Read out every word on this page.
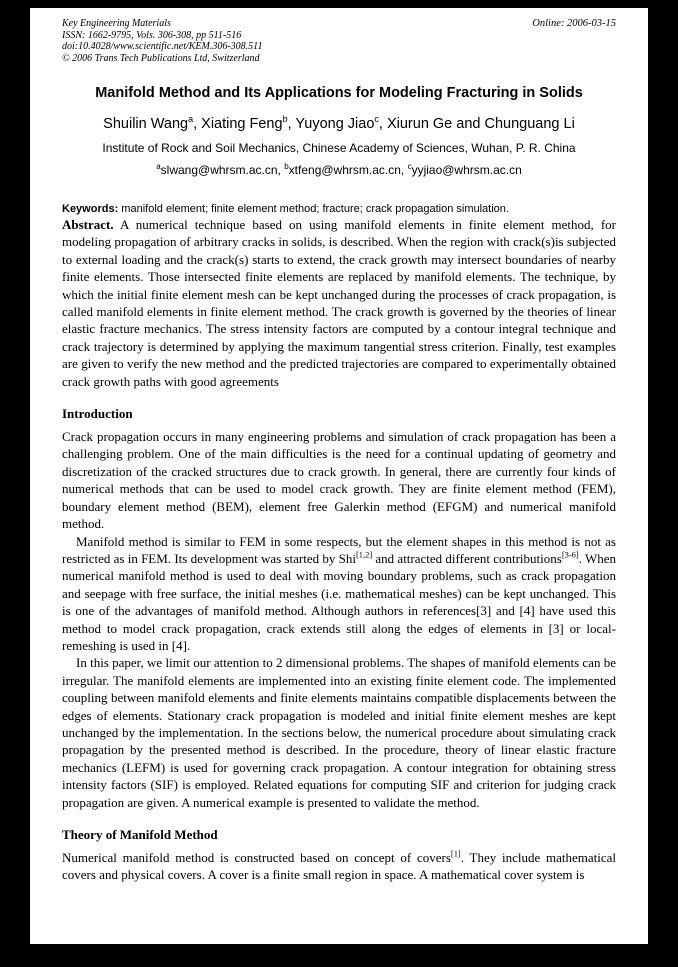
Key Engineering Materials
ISSN: 1662-9795, Vols. 306-308, pp 511-516
doi:10.4028/www.scientific.net/KEM.306-308.511
© 2006 Trans Tech Publications Ltd, Switzerland
Online: 2006-03-15
Manifold Method and Its Applications for Modeling Fracturing in Solids
Shuilin Wang$^a$, Xiating Feng$^b$, Yuyong Jiao$^c$, Xiurun Ge and Chunguang Li
Institute of Rock and Soil Mechanics, Chinese Academy of Sciences, Wuhan, P. R. China
$^a$slwang@whrsm.ac.cn, $^b$xtfeng@whrsm.ac.cn, $^c$yyjiao@whrsm.ac.cn
Keywords: manifold element; finite element method; fracture; crack propagation simulation.

Abstract. A numerical technique based on using manifold elements in finite element method, for modeling propagation of arbitrary cracks in solids, is described. When the region with crack(s)is subjected to external loading and the crack(s) starts to extend, the crack growth may intersect boundaries of nearby finite elements. Those intersected finite elements are replaced by manifold elements. The technique, by which the initial finite element mesh can be kept unchanged during the processes of crack propagation, is called manifold elements in finite element method. The crack growth is governed by the theories of linear elastic fracture mechanics. The stress intensity factors are computed by a contour integral technique and crack trajectory is determined by applying the maximum tangential stress criterion. Finally, test examples are given to verify the new method and the predicted trajectories are compared to experimentally obtained crack growth paths with good agreements

Introduction

Crack propagation occurs in many engineering problems and simulation of crack propagation has been a challenging problem. One of the main difficulties is the need for a continual updating of geometry and discretization of the cracked structures due to crack growth. In general, there are currently four kinds of numerical methods that can be used to model crack growth. They are finite element method (FEM), boundary element method (BEM), element free Galerkin method (EFGM) and numerical manifold method.

Manifold method is similar to FEM in some respects, but the element shapes in this method is not as restricted as in FEM. Its development was started by Shi[1,2] and attracted different contributions[3-6]. When numerical manifold method is used to deal with moving boundary problems, such as crack propagation and seepage with free surface, the initial meshes (i.e. mathematical meshes) can be kept unchanged. This is one of the advantages of manifold method. Although authors in references[3] and [4] have used this method to model crack propagation, crack extends still along the edges of elements in [3] or local-remeshing is used in [4].

In this paper, we limit our attention to 2 dimensional problems. The shapes of manifold elements can be irregular. The manifold elements are implemented into an existing finite element code. The implemented coupling between manifold elements and finite elements maintains compatible displacements between the edges of elements. Stationary crack propagation is modeled and initial finite element meshes are kept unchanged by the implementation. In the sections below, the numerical procedure about simulating crack propagation by the presented method is described. In the procedure, theory of linear elastic fracture mechanics (LEFM) is used for governing crack propagation. A contour integration for obtaining stress intensity factors (SIF) is employed. Related equations for computing SIF and criterion for judging crack propagation are given. A numerical example is presented to validate the method.

Theory of Manifold Method

Numerical manifold method is constructed based on concept of covers[1]. They include mathematical covers and physical covers. A cover is a finite small region in space. A mathematical cover system is
